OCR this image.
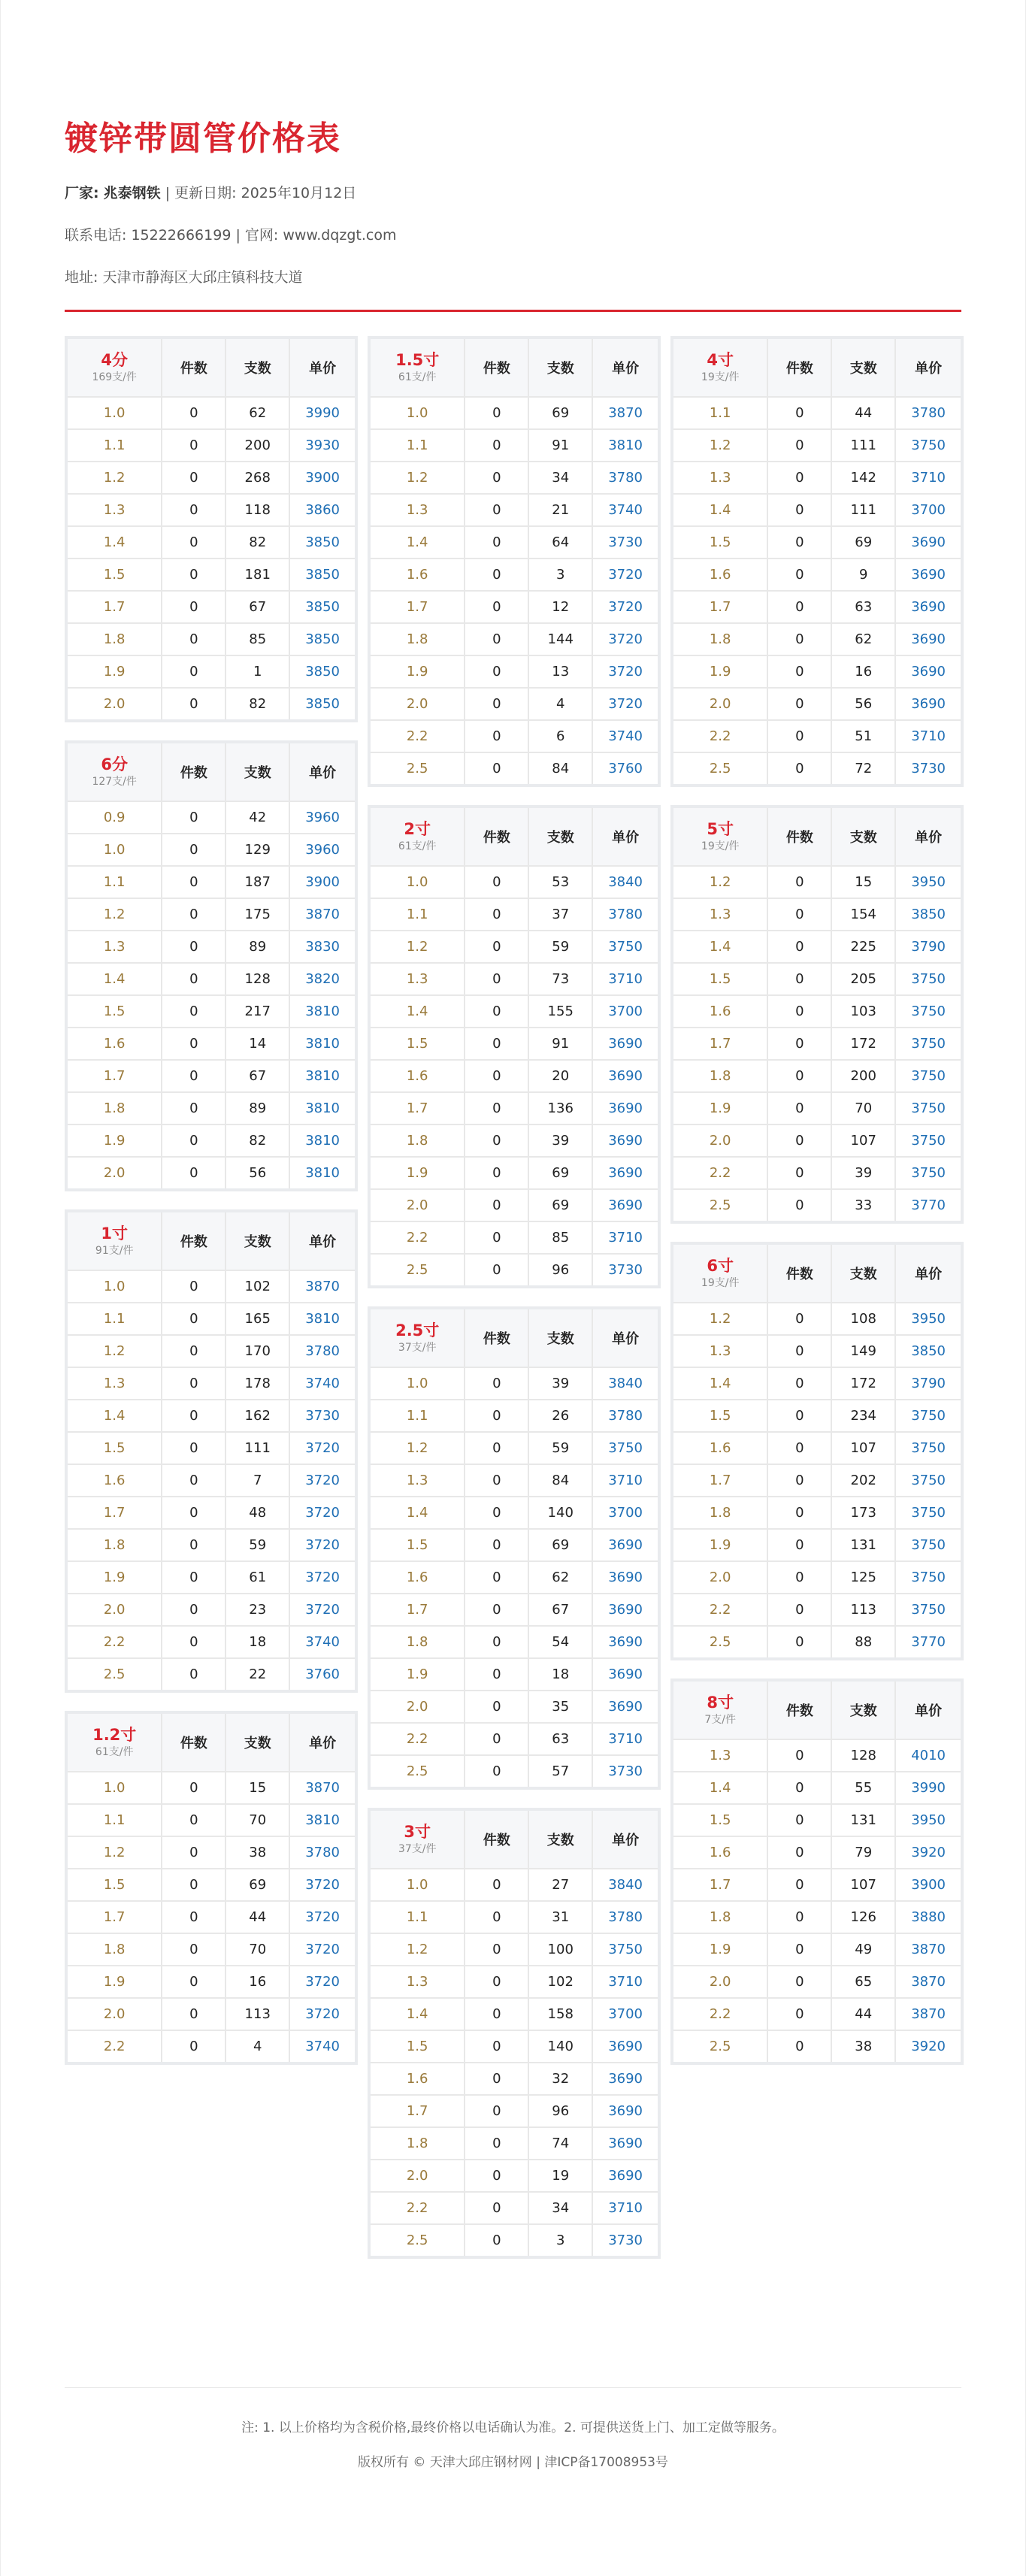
镀锌带圆管价格表
厂家: 兆泰钢铁 | 更新日期: 2025年10月12日
联系电话: 15222666199 | 官网: www.dqzgt.com
地址: 天津市静海区大邱庄镇科技大道
4分
169支/件	件数	支数	单价
1.0	0	62	3990
1.1	0	200	3930
1.2	0	268	3900
1.3	0	118	3860
1.4	0	82	3850
1.5	0	181	3850
1.7	0	67	3850
1.8	0	85	3850
1.9	0	1	3850
2.0	0	82	3850
6分
127支/件	件数	支数	单价
0.9	0	42	3960
1.0	0	129	3960
1.1	0	187	3900
1.2	0	175	3870
1.3	0	89	3830
1.4	0	128	3820
1.5	0	217	3810
1.6	0	14	3810
1.7	0	67	3810
1.8	0	89	3810
1.9	0	82	3810
2.0	0	56	3810
1寸
91支/件	件数	支数	单价
1.0	0	102	3870
1.1	0	165	3810
1.2	0	170	3780
1.3	0	178	3740
1.4	0	162	3730
1.5	0	111	3720
1.6	0	7	3720
1.7	0	48	3720
1.8	0	59	3720
1.9	0	61	3720
2.0	0	23	3720
2.2	0	18	3740
2.5	0	22	3760
1.2寸
61支/件	件数	支数	单价
1.0	0	15	3870
1.1	0	70	3810
1.2	0	38	3780
1.5	0	69	3720
1.7	0	44	3720
1.8	0	70	3720
1.9	0	16	3720
2.0	0	113	3720
2.2	0	4	3740
1.5寸
61支/件	件数	支数	单价
1.0	0	69	3870
1.1	0	91	3810
1.2	0	34	3780
1.3	0	21	3740
1.4	0	64	3730
1.6	0	3	3720
1.7	0	12	3720
1.8	0	144	3720
1.9	0	13	3720
2.0	0	4	3720
2.2	0	6	3740
2.5	0	84	3760
2寸
61支/件	件数	支数	单价
1.0	0	53	3840
1.1	0	37	3780
1.2	0	59	3750
1.3	0	73	3710
1.4	0	155	3700
1.5	0	91	3690
1.6	0	20	3690
1.7	0	136	3690
1.8	0	39	3690
1.9	0	69	3690
2.0	0	69	3690
2.2	0	85	3710
2.5	0	96	3730
2.5寸
37支/件	件数	支数	单价
1.0	0	39	3840
1.1	0	26	3780
1.2	0	59	3750
1.3	0	84	3710
1.4	0	140	3700
1.5	0	69	3690
1.6	0	62	3690
1.7	0	67	3690
1.8	0	54	3690
1.9	0	18	3690
2.0	0	35	3690
2.2	0	63	3710
2.5	0	57	3730
3寸
37支/件	件数	支数	单价
1.0	0	27	3840
1.1	0	31	3780
1.2	0	100	3750
1.3	0	102	3710
1.4	0	158	3700
1.5	0	140	3690
1.6	0	32	3690
1.7	0	96	3690
1.8	0	74	3690
2.0	0	19	3690
2.2	0	34	3710
2.5	0	3	3730
4寸
19支/件	件数	支数	单价
1.1	0	44	3780
1.2	0	111	3750
1.3	0	142	3710
1.4	0	111	3700
1.5	0	69	3690
1.6	0	9	3690
1.7	0	63	3690
1.8	0	62	3690
1.9	0	16	3690
2.0	0	56	3690
2.2	0	51	3710
2.5	0	72	3730
5寸
19支/件	件数	支数	单价
1.2	0	15	3950
1.3	0	154	3850
1.4	0	225	3790
1.5	0	205	3750
1.6	0	103	3750
1.7	0	172	3750
1.8	0	200	3750
1.9	0	70	3750
2.0	0	107	3750
2.2	0	39	3750
2.5	0	33	3770
6寸
19支/件	件数	支数	单价
1.2	0	108	3950
1.3	0	149	3850
1.4	0	172	3790
1.5	0	234	3750
1.6	0	107	3750
1.7	0	202	3750
1.8	0	173	3750
1.9	0	131	3750
2.0	0	125	3750
2.2	0	113	3750
2.5	0	88	3770
8寸
7支/件	件数	支数	单价
1.3	0	128	4010
1.4	0	55	3990
1.5	0	131	3950
1.6	0	79	3920
1.7	0	107	3900
1.8	0	126	3880
1.9	0	49	3870
2.0	0	65	3870
2.2	0	44	3870
2.5	0	38	3920
注: 1. 以上价格均为含税价格,最终价格以电话确认为准。2. 可提供送货上门、加工定做等服务。
版权所有 © 天津大邱庄钢材网 | 津ICP备17008953号
